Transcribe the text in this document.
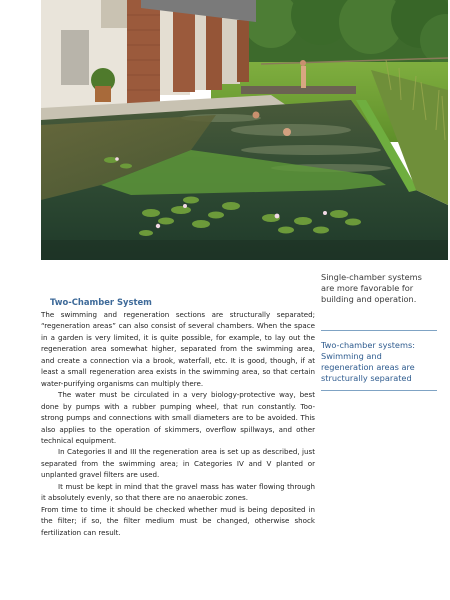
Single-chamber systems are more favorable for building and operation.
Two-chamber systems: Swimming and regeneration areas are structurally separated
Two-Chamber System

The swimming and regeneration sections are structurally separated; “regeneration areas” can also consist of several chambers. When the space in a garden is very limited, it is quite possible, for example, to lay out the regeneration area somewhat higher, separated from the swimming area, and create a connection via a brook, waterfall, etc. It is good, though, if at least a small regeneration area exists in the swimming area, so that certain water-purifying organisms can multiply there.

The water must be circulated in a very biology-protective way, best done by pumps with a rubber pumping wheel, that run constantly. Too-strong pumps and connections with small diameters are to be avoided. This also applies to the operation of skimmers, overflow spillways, and other technical equipment.

In Categories II and III the regeneration area is set up as described, just separated from the swimming area; in Categories IV and V planted or unplanted gravel filters are used.

It must be kept in mind that the gravel mass has water flowing through it absolutely evenly, so that there are no anaerobic zones.

From time to time it should be checked whether mud is being deposited in the filter; if so, the filter medium must be changed, otherwise shock fertilization can result.
